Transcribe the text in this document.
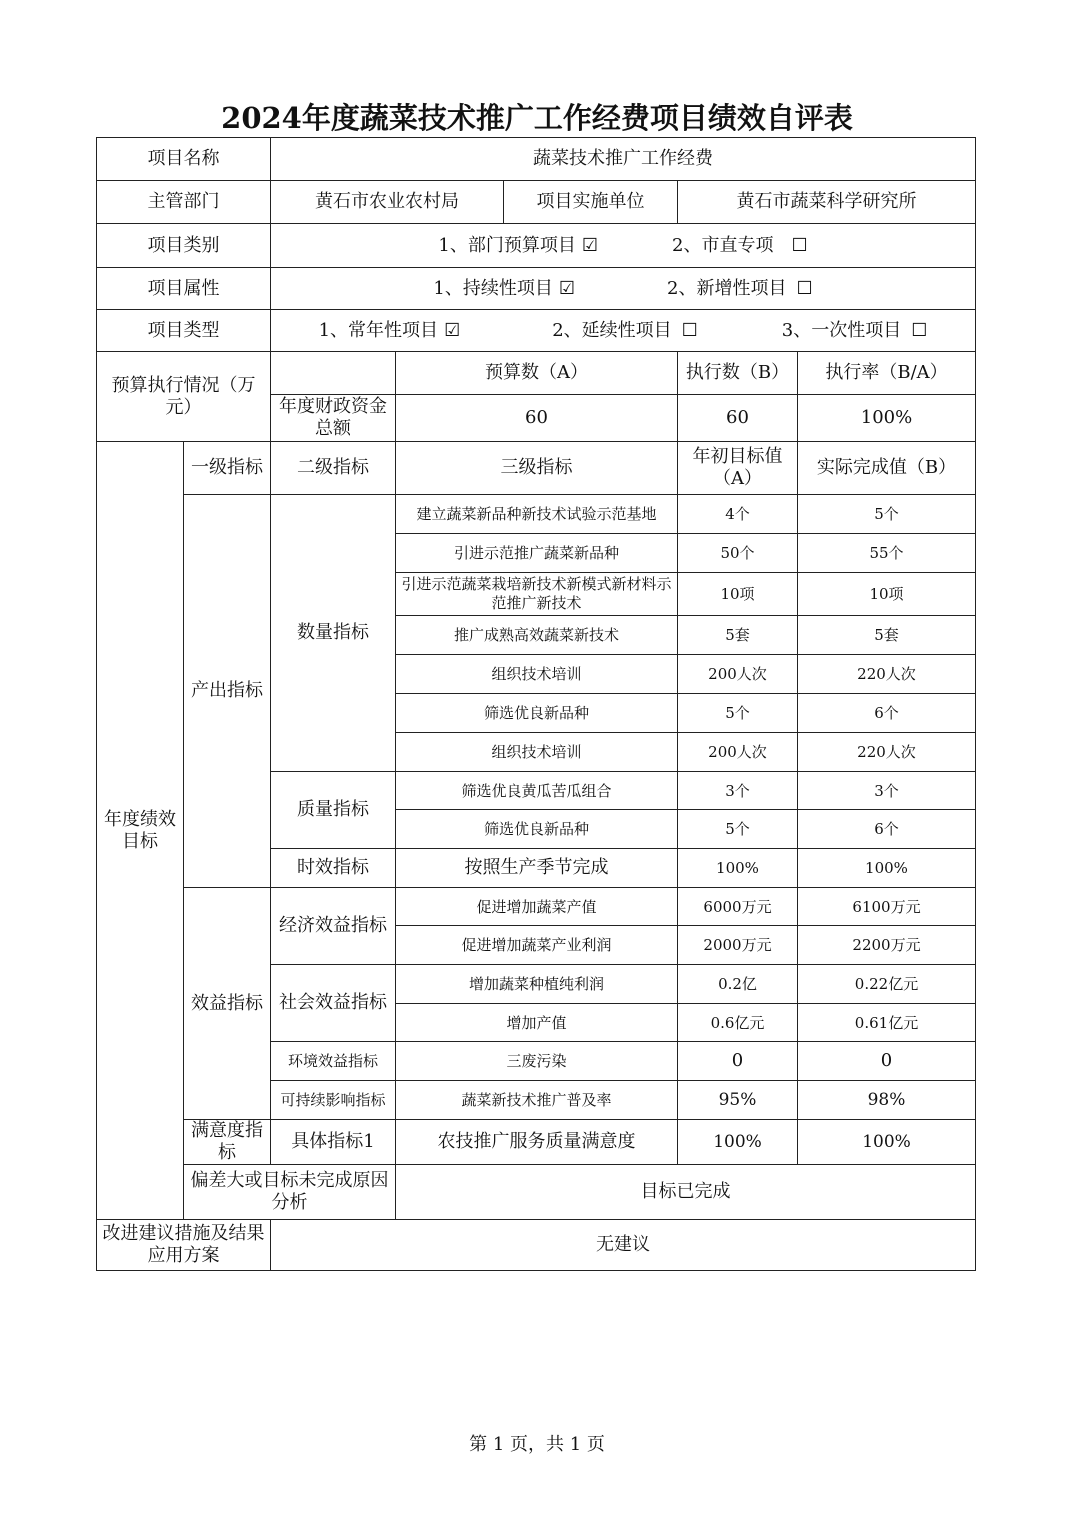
2024年度蔬菜技术推广工作经费项目绩效自评表
项目名称		蔬菜技术推广工作经费				
主管部门		黄石市农业农村局		项目实施单位	黄石市蔬菜科学研究所	
项目类别		1、部门预算项目 ☑ 2、市直专项 ☐				
项目属性		1、持续性项目 ☑ 2、新增性项目 ☐				
项目类型		1、常年性项目 ☑ 2、延续性项目 ☐ 3、一次性项目 ☐				
预算执行情况（万元）			预算数（A）		执行数（B）	执行率（B/A）
		年度财政资金总额	60		60	100%
年度绩效目标	一级指标	二级指标	三级指标		年初目标值（A）	实际完成值（B）
	产出指标	数量指标	建立蔬菜新品种新技术试验示范基地		4个	5个
			引进示范推广蔬菜新品种		50个	55个
			引进示范蔬菜栽培新技术新模式新材料示范推广新技术		10项	10项
			推广成熟高效蔬菜新技术		5套	5套
			组织技术培训		200人次	220人次
			筛选优良新品种		5个	6个
			组织技术培训		200人次	220人次
		质量指标	筛选优良黄瓜苦瓜组合		3个	3个
			筛选优良新品种		5个	6个
		时效指标	按照生产季节完成		100%	100%
	效益指标	经济效益指标	促进增加蔬菜产值		6000万元	6100万元
			促进增加蔬菜产业利润		2000万元	2200万元
		社会效益指标	增加蔬菜种植纯利润		0.2亿	0.22亿元
			增加产值		0.6亿元	0.61亿元
		环境效益指标	三废污染		0	0
		可持续影响指标	蔬菜新技术推广普及率		95%	98%
	满意度指标	具体指标1	农技推广服务质量满意度		100%	100%
	偏差大或目标未完成原因分析		目标已完成			
改进建议措施及结果应用方案		无建议				
第 1 页，共 1 页
